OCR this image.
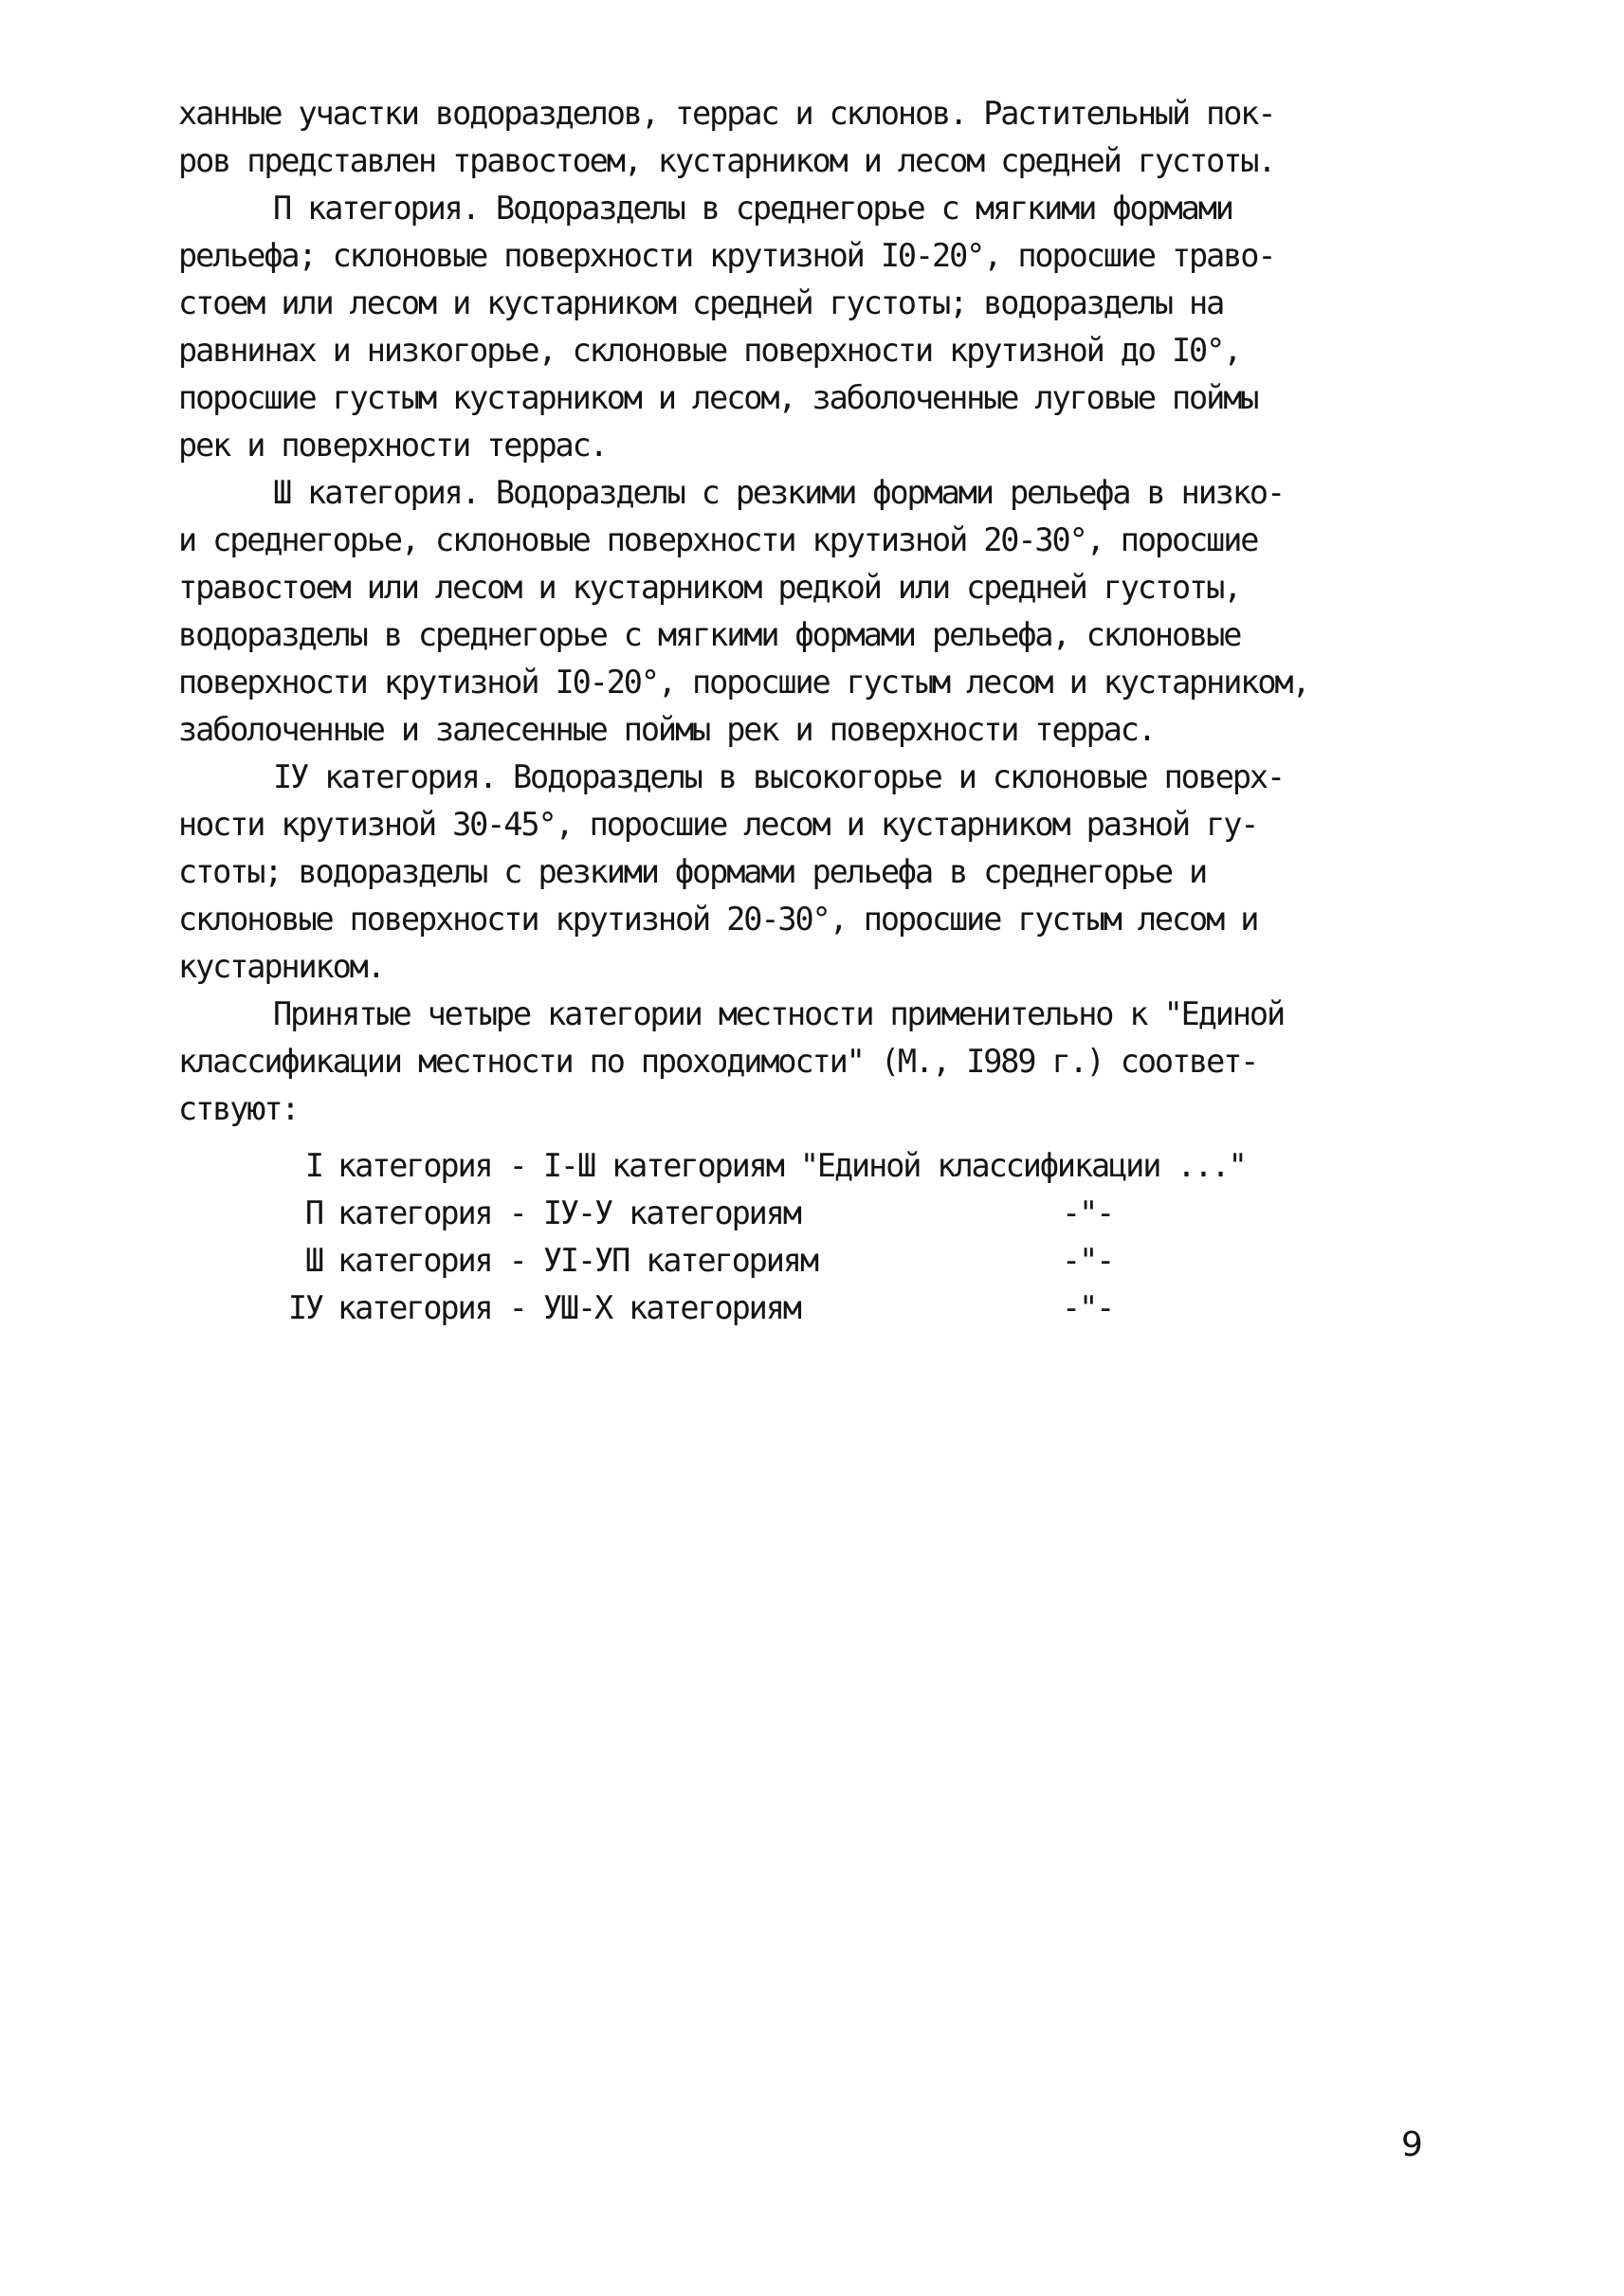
ханные участки водоразделов, террас и склонов. Растительный пок-
ров представлен травостоем, кустарником и лесом средней густоты.
П категория. Водоразделы в среднегорье с мягкими формами
рельефа; склоновые поверхности крутизной I0-20°, поросшие траво-
стоем или лесом и кустарником средней густоты; водоразделы на
равнинах и низкогорье, склоновые поверхности крутизной до I0°,
поросшие густым кустарником и лесом, заболоченные луговые поймы
рек и поверхности террас.
Ш категория. Водоразделы с резкими формами рельефа в низко-
и среднегорье, склоновые поверхности крутизной 20-30°, поросшие
травостоем или лесом и кустарником редкой или средней густоты,
водоразделы в среднегорье с мягкими формами рельефа, склоновые
поверхности крутизной I0-20°, поросшие густым лесом и кустарником,
заболоченные и залесенные поймы рек и поверхности террас.
IУ категория. Водоразделы в высокогорье и склоновые поверх-
ности крутизной 30-45°, поросшие лесом и кустарником разной гу-
стоты; водоразделы с резкими формами рельефа в среднегорье и
склоновые поверхности крутизной 20-30°, поросшие густым лесом и
кустарником.
Принятые четыре категории местности применительно к "Единой
классификации местности по проходимости" (М., I989 г.) соответ-
ствуют:
I категория - I-Ш категориям "Единой классификации ..."
П категория - IУ-У категориям	-"-
Ш категория - УI-УП категориям	-"-
IУ категория - УШ-Х категориям	-"-
9
